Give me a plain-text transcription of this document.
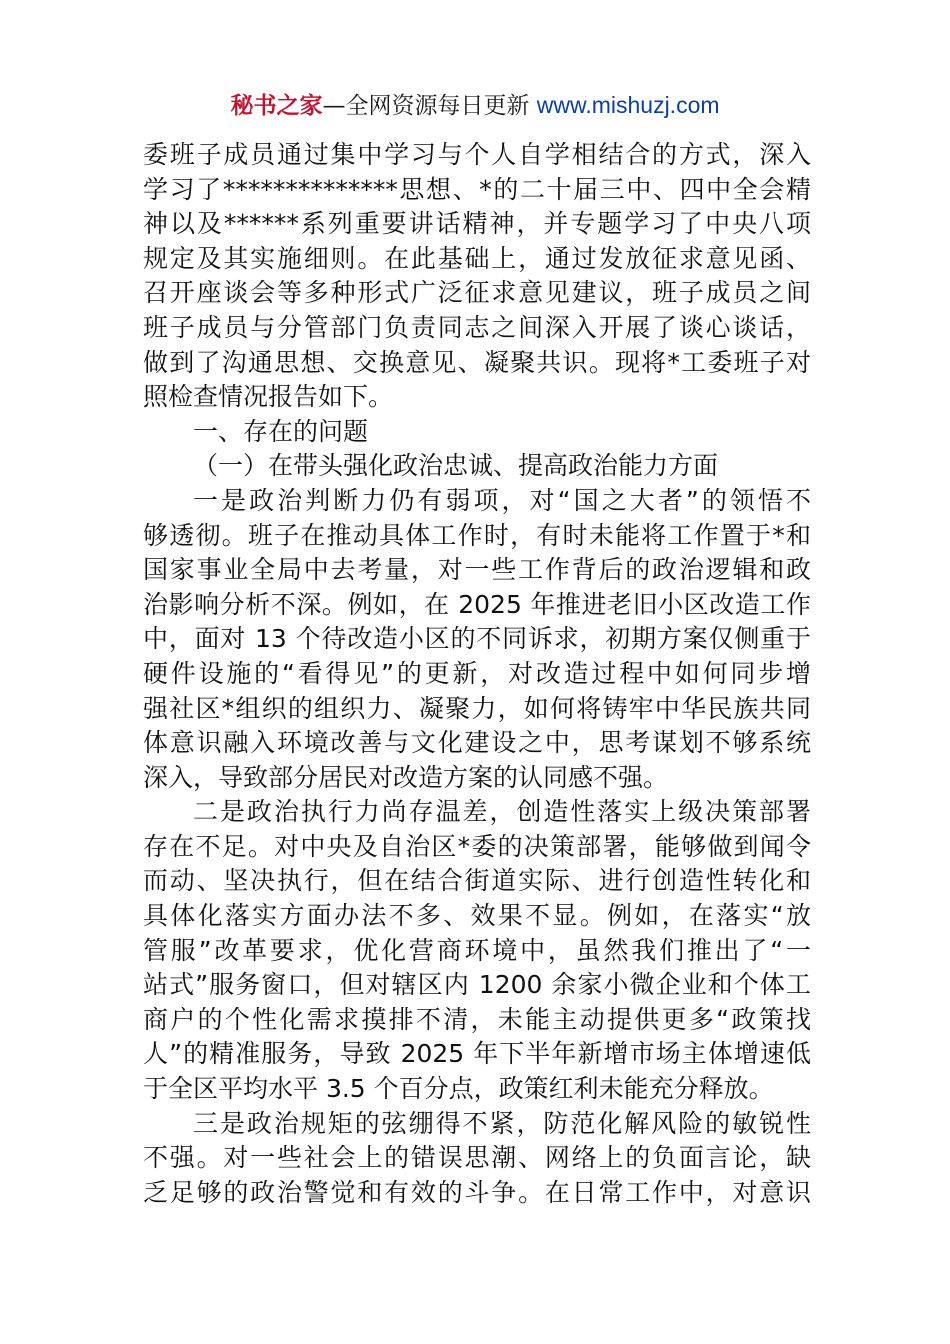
秘书之家—全网资源每日更新 www.mishuzj.com
委班子成员通过集中学习与个人自学相结合的方式，深入
学习了**************思想、*的二十届三中、四中全会精
神以及******系列重要讲话精神，并专题学习了中央八项
规定及其实施细则。在此基础上，通过发放征求意见函、
召开座谈会等多种形式广泛征求意见建议，班子成员之间
班子成员与分管部门负责同志之间深入开展了谈心谈话，
做到了沟通思想、交换意见、凝聚共识。现将*工委班子对
照检查情况报告如下。
一、存在的问题
（一）在带头强化政治忠诚、提高政治能力方面
一是政治判断力仍有弱项，对“国之大者”的领悟不
够透彻。班子在推动具体工作时，有时未能将工作置于*和
国家事业全局中去考量，对一些工作背后的政治逻辑和政
治影响分析不深。例如，在 2025 年推进老旧小区改造工作
中，面对 13 个待改造小区的不同诉求，初期方案仅侧重于
硬件设施的“看得见”的更新，对改造过程中如何同步增
强社区*组织的组织力、凝聚力，如何将铸牢中华民族共同
体意识融入环境改善与文化建设之中，思考谋划不够系统
深入，导致部分居民对改造方案的认同感不强。
二是政治执行力尚存温差，创造性落实上级决策部署
存在不足。对中央及自治区*委的决策部署，能够做到闻令
而动、坚决执行，但在结合街道实际、进行创造性转化和
具体化落实方面办法不多、效果不显。例如，在落实“放
管服”改革要求，优化营商环境中，虽然我们推出了“一
站式”服务窗口，但对辖区内 1200 余家小微企业和个体工
商户的个性化需求摸排不清，未能主动提供更多“政策找
人”的精准服务，导致 2025 年下半年新增市场主体增速低
于全区平均水平 3.5 个百分点，政策红利未能充分释放。
三是政治规矩的弦绷得不紧，防范化解风险的敏锐性
不强。对一些社会上的错误思潮、网络上的负面言论，缺
乏足够的政治警觉和有效的斗争。在日常工作中，对意识
